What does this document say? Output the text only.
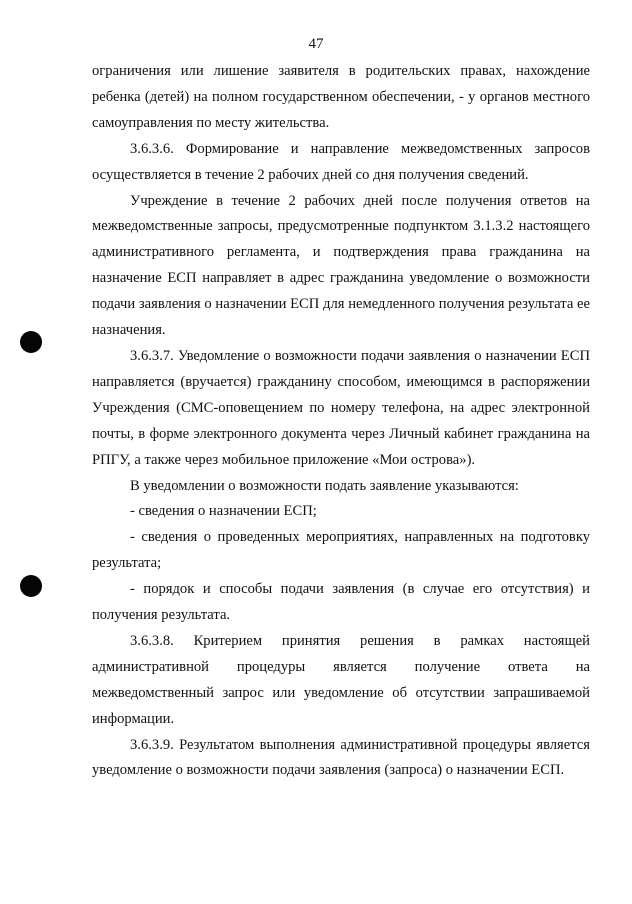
47

ограничения или лишение заявителя в родительских правах, нахождение ребенка (детей) на полном государственном обеспечении, - у органов местного самоуправления по месту жительства.

3.6.3.6. Формирование и направление межведомственных запросов осуществляется в течение 2 рабочих дней со дня получения сведений.

Учреждение в течение 2 рабочих дней после получения ответов на межведомственные запросы, предусмотренные подпунктом 3.1.3.2 настоящего административного регламента, и подтверждения права гражданина на назначение ЕСП направляет в адрес гражданина уведомление о возможности подачи заявления о назначении ЕСП для немедленного получения результата ее назначения.

3.6.3.7. Уведомление о возможности подачи заявления о назначении ЕСП направляется (вручается) гражданину способом, имеющимся в распоряжении Учреждения (СМС-оповещением по номеру телефона, на адрес электронной почты, в форме электронного документа через Личный кабинет гражданина на РПГУ, а также через мобильное приложение «Мои острова»).

В уведомлении о возможности подать заявление указываются:

- сведения о назначении ЕСП;

- сведения о проведенных мероприятиях, направленных на подготовку результата;

- порядок и способы подачи заявления (в случае его отсутствия) и получения результата.

3.6.3.8. Критерием принятия решения в рамках настоящей административной процедуры является получение ответа на межведомственный запрос или уведомление об отсутствии запрашиваемой информации.

3.6.3.9. Результатом выполнения административной процедуры является уведомление о возможности подачи заявления (запроса) о назначении ЕСП.
